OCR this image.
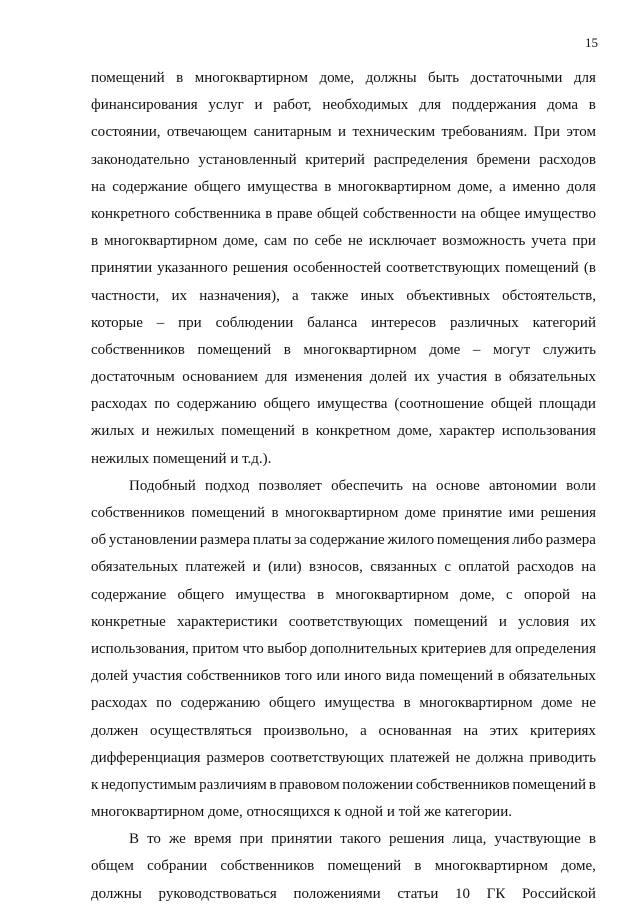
15
помещений в многоквартирном доме, должны быть достаточными для
финансирования услуг и работ, необходимых для поддержания дома в
состоянии, отвечающем санитарным и техническим требованиям. При этом
законодательно установленный критерий распределения бремени расходов
на содержание общего имущества в многоквартирном доме, а именно доля
конкретного собственника в праве общей собственности на общее имущество
в многоквартирном доме, сам по себе не исключает возможность учета при
принятии указанного решения особенностей соответствующих помещений (в
частности, их назначения), а также иных объективных обстоятельств,
которые – при соблюдении баланса интересов различных категорий
собственников помещений в многоквартирном доме – могут служить
достаточным основанием для изменения долей их участия в обязательных
расходах по содержанию общего имущества (соотношение общей площади
жилых и нежилых помещений в конкретном доме, характер использования
нежилых помещений и т.д.).
Подобный подход позволяет обеспечить на основе автономии воли
собственников помещений в многоквартирном доме принятие ими решения
об установлении размера платы за содержание жилого помещения либо размера
обязательных платежей и (или) взносов, связанных с оплатой расходов на
содержание общего имущества в многоквартирном доме, с опорой на
конкретные характеристики соответствующих помещений и условия их
использования, притом что выбор дополнительных критериев для определения
долей участия собственников того или иного вида помещений в обязательных
расходах по содержанию общего имущества в многоквартирном доме не
должен осуществляться произвольно, а основанная на этих критериях
дифференциация размеров соответствующих платежей не должна приводить
к недопустимым различиям в правовом положении собственников помещений в
многоквартирном доме, относящихся к одной и той же категории.
В то же время при принятии такого решения лица, участвующие в
общем собрании собственников помещений в многоквартирном доме,
должны руководствоваться положениями статьи 10 ГК Российской
